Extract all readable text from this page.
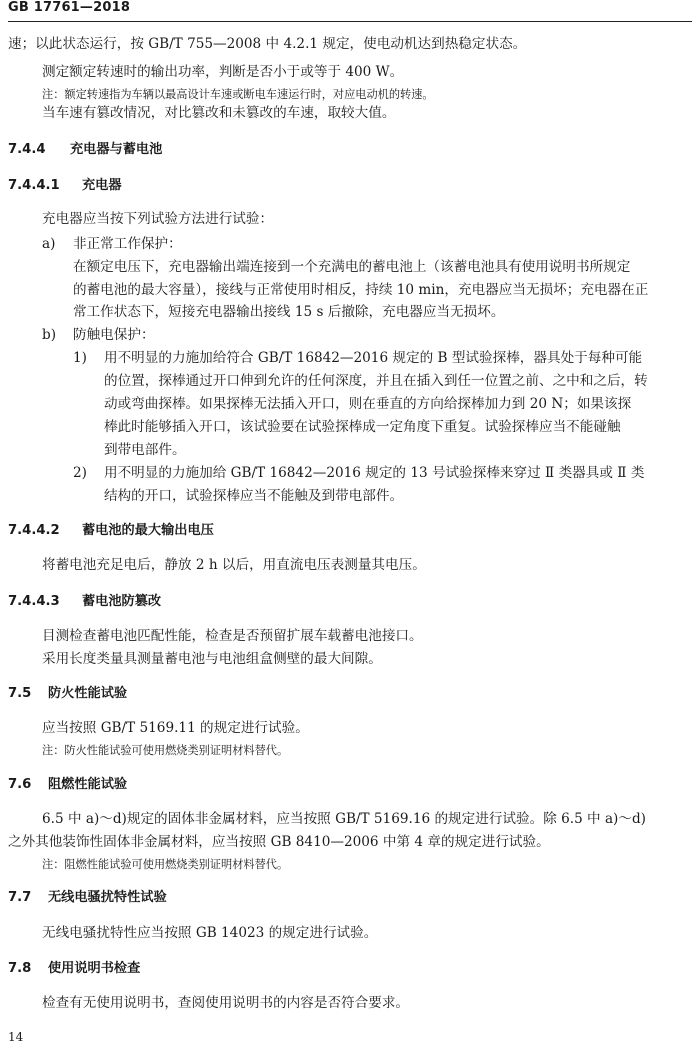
GB 17761—2018
速；以此状态运行，按 GB/T 755—2008 中 4.2.1 规定，使电动机达到热稳定状态。
测定额定转速时的输出功率，判断是否小于或等于 400 W。
注：额定转速指为车辆以最高设计车速或断电车速运行时，对应电动机的转速。
当车速有篡改情况，对比篡改和未篡改的车速，取较大值。
7.4.4 充电器与蓄电池
7.4.4.1 充电器
充电器应当按下列试验方法进行试验：
a) 非正常工作保护：
在额定电压下，充电器输出端连接到一个充满电的蓄电池上（该蓄电池具有使用说明书所规定
的蓄电池的最大容量），接线与正常使用时相反，持续 10 min，充电器应当无损坏；充电器在正
常工作状态下，短接充电器输出接线 15 s 后撤除，充电器应当无损坏。
b) 防触电保护：
1) 用不明显的力施加给符合 GB/T 16842—2016 规定的 B 型试验探棒，器具处于每种可能
的位置，探棒通过开口伸到允许的任何深度，并且在插入到任一位置之前、之中和之后，转
动或弯曲探棒。如果探棒无法插入开口，则在垂直的方向给探棒加力到 20 N；如果该探
棒此时能够插入开口，该试验要在试验探棒成一定角度下重复。试验探棒应当不能碰触
到带电部件。
2) 用不明显的力施加给 GB/T 16842—2016 规定的 13 号试验探棒来穿过 Ⅱ 类器具或 Ⅱ 类
结构的开口，试验探棒应当不能触及到带电部件。
7.4.4.2 蓄电池的最大输出电压
将蓄电池充足电后，静放 2 h 以后，用直流电压表测量其电压。
7.4.4.3 蓄电池防篡改
目测检查蓄电池匹配性能，检查是否预留扩展车载蓄电池接口。
采用长度类量具测量蓄电池与电池组盒侧壁的最大间隙。
7.5 防火性能试验
应当按照 GB/T 5169.11 的规定进行试验。
注：防火性能试验可使用燃烧类别证明材料替代。
7.6 阻燃性能试验
6.5 中 a)～d)规定的固体非金属材料，应当按照 GB/T 5169.16 的规定进行试验。除 6.5 中 a)～d)
之外其他装饰性固体非金属材料，应当按照 GB 8410—2006 中第 4 章的规定进行试验。
注：阻燃性能试验可使用燃烧类别证明材料替代。
7.7 无线电骚扰特性试验
无线电骚扰特性应当按照 GB 14023 的规定进行试验。
7.8 使用说明书检查
检查有无使用说明书，查阅使用说明书的内容是否符合要求。
14
